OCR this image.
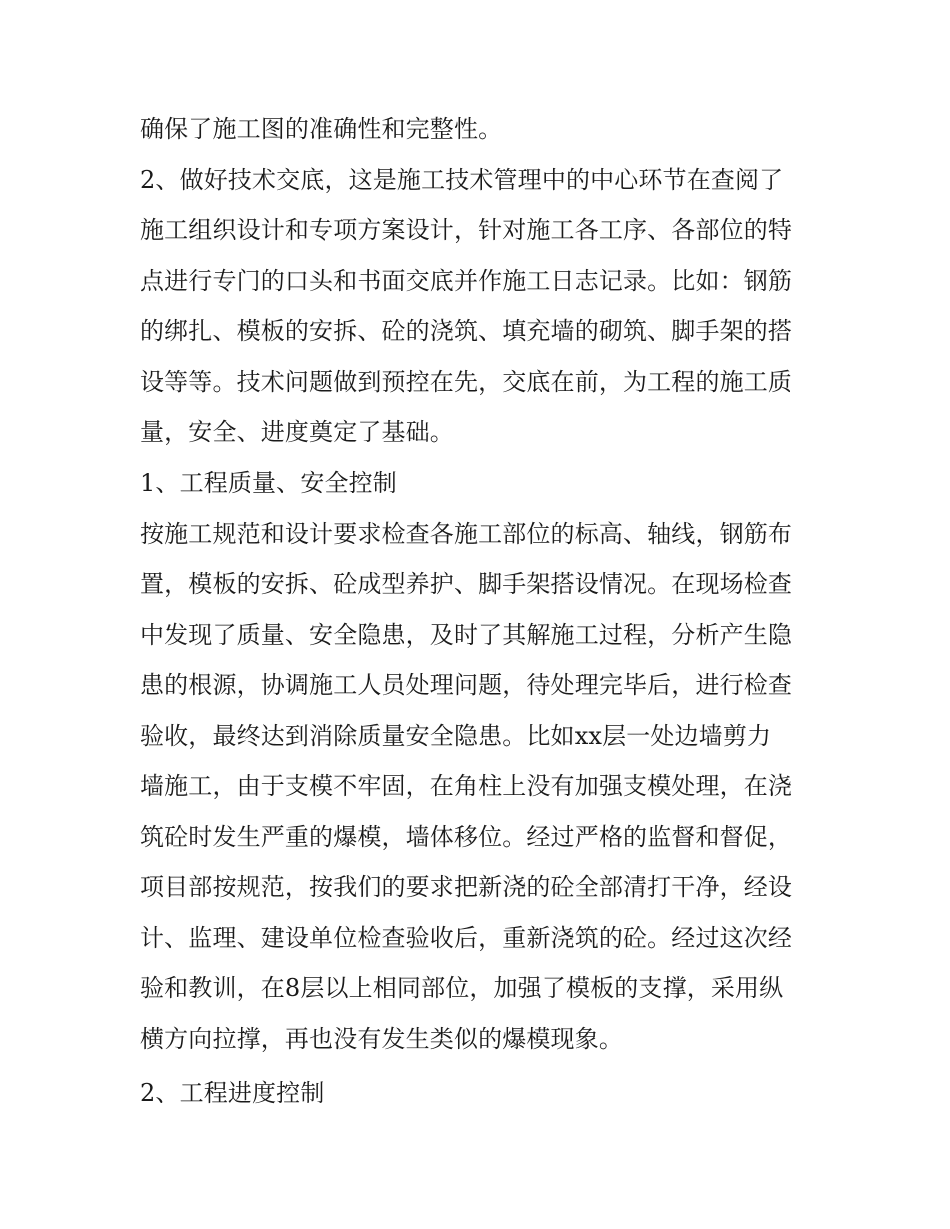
确保了施工图的准确性和完整性。
2、做好技术交底，这是施工技术管理中的中心环节在查阅了
施工组织设计和专项方案设计，针对施工各工序、各部位的特
点进行专门的口头和书面交底并作施工日志记录。比如：钢筋
的绑扎、模板的安拆、砼的浇筑、填充墙的砌筑、脚手架的搭
设等等。技术问题做到预控在先，交底在前，为工程的施工质
量，安全、进度奠定了基础。
1、工程质量、安全控制
按施工规范和设计要求检查各施工部位的标高、轴线，钢筋布
置，模板的安拆、砼成型养护、脚手架搭设情况。在现场检查
中发现了质量、安全隐患，及时了其解施工过程，分析产生隐
患的根源，协调施工人员处理问题，待处理完毕后，进行检查
验收，最终达到消除质量安全隐患。比如xx层一处边墙剪力
墙施工，由于支模不牢固，在角柱上没有加强支模处理，在浇
筑砼时发生严重的爆模，墙体移位。经过严格的监督和督促，
项目部按规范，按我们的要求把新浇的砼全部清打干净，经设
计、监理、建设单位检查验收后，重新浇筑的砼。经过这次经
验和教训，在8层以上相同部位，加强了模板的支撑，采用纵
横方向拉撑，再也没有发生类似的爆模现象。
2、工程进度控制
